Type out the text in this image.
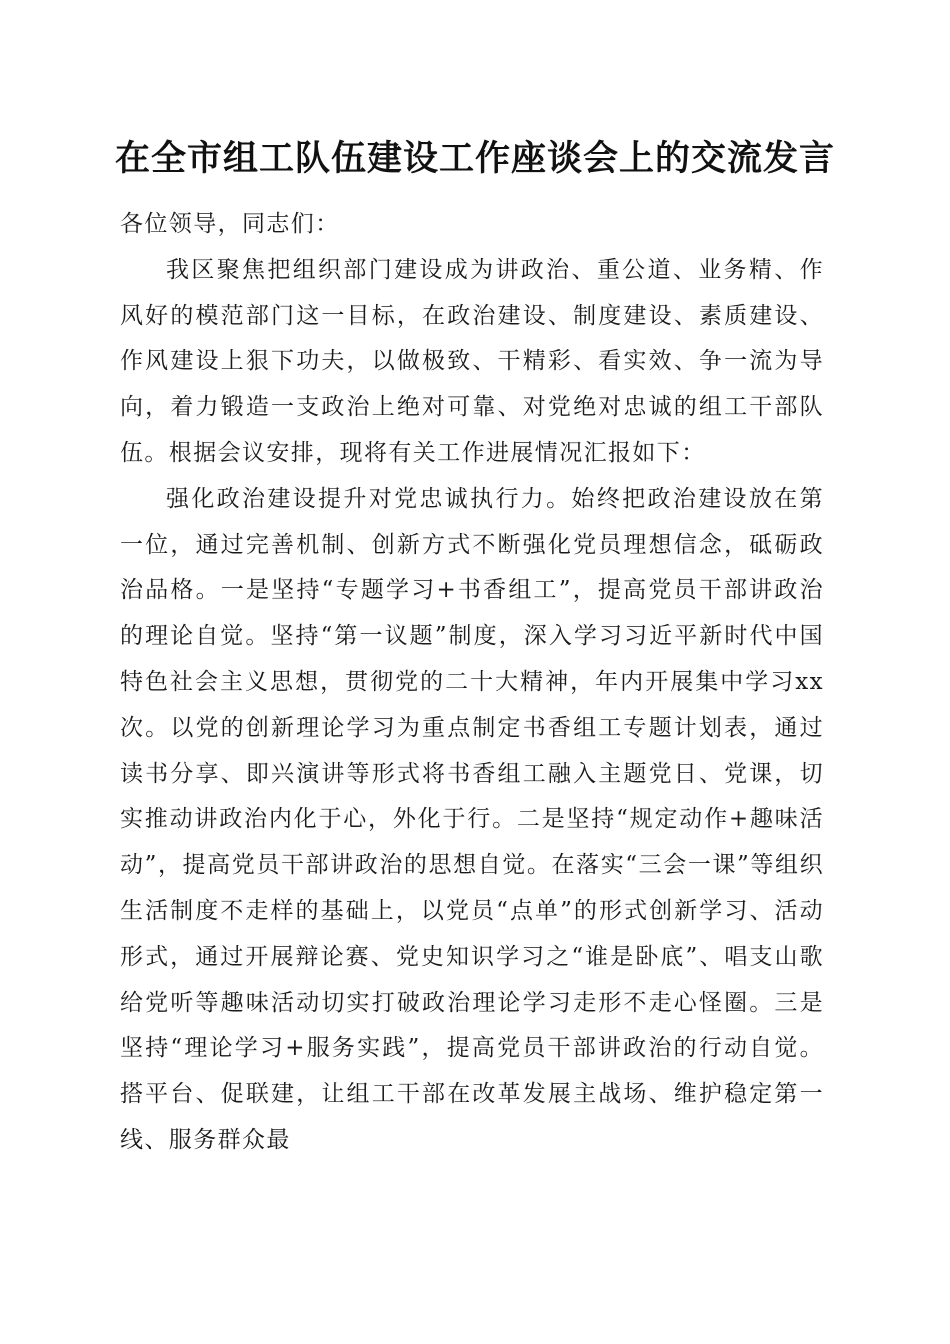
在全市组工队伍建设工作座谈会上的交流发言

各位领导，同志们：

我区聚焦把组织部门建设成为讲政治、重公道、业务精、作风好的模范部门这一目标，在政治建设、制度建设、素质建设、作风建设上狠下功夫，以做极致、干精彩、看实效、争一流为导向，着力锻造一支政治上绝对可靠、对党绝对忠诚的组工干部队伍。根据会议安排，现将有关工作进展情况汇报如下：

强化政治建设提升对党忠诚执行力。始终把政治建设放在第一位，通过完善机制、创新方式不断强化党员理想信念，砥砺政治品格。一是坚持“专题学习+书香组工”，提高党员干部讲政治的理论自觉。坚持“第一议题”制度，深入学习习近平新时代中国特色社会主义思想，贯彻党的二十大精神，年内开展集中学习xx次。以党的创新理论学习为重点制定书香组工专题计划表，通过读书分享、即兴演讲等形式将书香组工融入主题党日、党课，切实推动讲政治内化于心，外化于行。二是坚持“规定动作+趣味活动”，提高党员干部讲政治的思想自觉。在落实“三会一课”等组织生活制度不走样的基础上，以党员“点单”的形式创新学习、活动形式，通过开展辩论赛、党史知识学习之“谁是卧底”、唱支山歌给党听等趣味活动切实打破政治理论学习走形不走心怪圈。三是坚持“理论学习+服务实践”，提高党员干部讲政治的行动自觉。搭平台、促联建，让组工干部在改革发展主战场、维护稳定第一线、服务群众最
